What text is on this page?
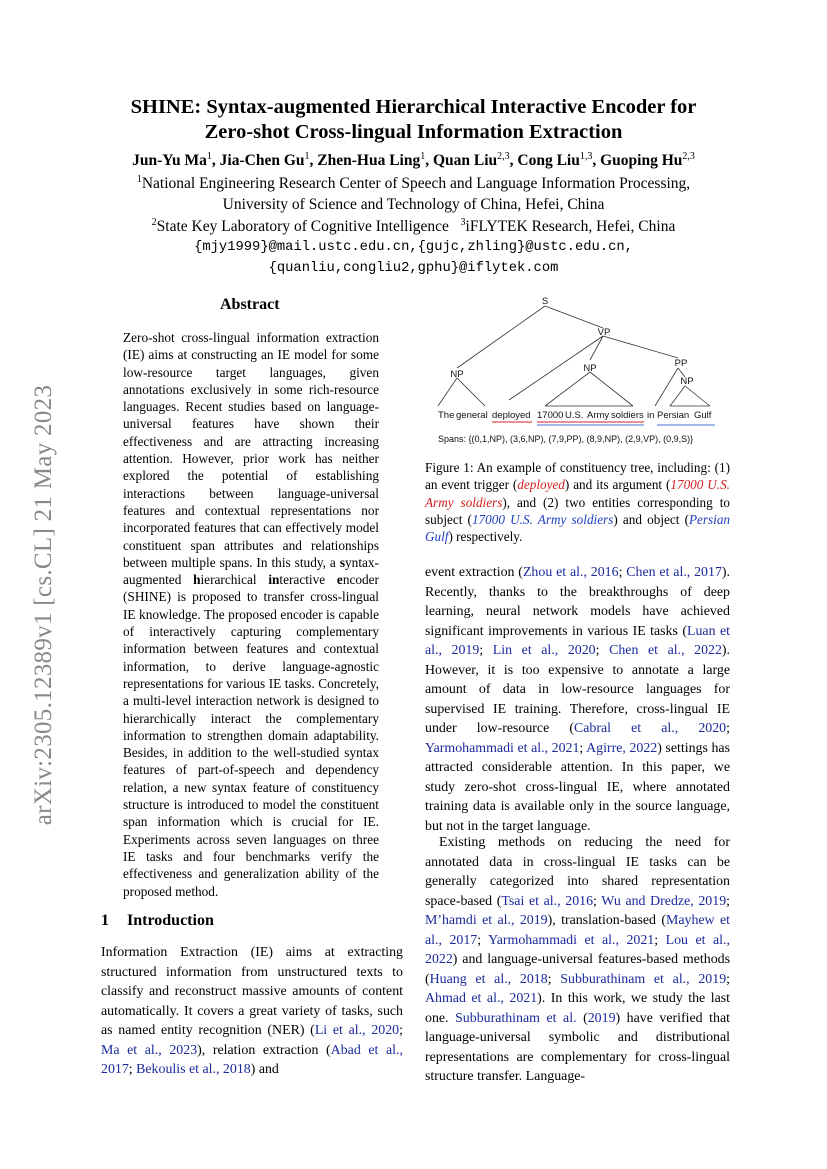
arXiv:2305.12389v1 [cs.CL] 21 May 2023
SHINE: Syntax-augmented Hierarchical Interactive Encoder for
Zero-shot Cross-lingual Information Extraction
Jun-Yu Ma$^1$, Jia-Chen Gu$^1$, Zhen-Hua Ling$^1$, Quan Liu$^{2,3}$, Cong Liu$^{1,3}$, Guoping Hu$^{2,3}$
$^1$National Engineering Research Center of Speech and Language Information Processing,
University of Science and Technology of China, Hefei, China
$^2$State Key Laboratory of Cognitive Intelligence $^3$iFLYTEK Research, Hefei, China
{mjy1999}@mail.ustc.edu.cn,{gujc,zhling}@ustc.edu.cn,
{quanliu,congliu2,gphu}@iflytek.com
Abstract
Zero-shot cross-lingual information extraction (IE) aims at constructing an IE model for some low-resource target languages, given annotations exclusively in some rich-resource languages. Recent studies based on language-universal features have shown their effectiveness and are attracting increasing attention. However, prior work has neither explored the potential of establishing interactions between language-universal features and contextual representations nor incorporated features that can effectively model constituent span attributes and relationships between multiple spans. In this study, a syntax-augmented hierarchical interactive encoder (SHINE) is proposed to transfer cross-lingual IE knowledge. The proposed encoder is capable of interactively capturing complementary information between features and contextual information, to derive language-agnostic representations for various IE tasks. Concretely, a multi-level interaction network is designed to hierarchically interact the complementary information to strengthen domain adaptability. Besides, in addition to the well-studied syntax features of part-of-speech and dependency relation, a new syntax feature of constituency structure is introduced to model the constituent span information which is crucial for IE. Experiments across seven languages on three IE tasks and four benchmarks verify the effectiveness and generalization ability of the proposed method.
1 Introduction
Information Extraction (IE) aims at extracting structured information from unstructured texts to classify and reconstruct massive amounts of content automatically. It covers a great variety of tasks, such as named entity recognition (NER) (Li et al., 2020; Ma et al., 2023), relation extraction (Abad et al., 2017; Bekoulis et al., 2018) and
S
VP
PP
NP
NP
NP
The general deployed 17000 U.S. Army soldiers in Persian Gulf
Spans: {(0,1,NP), (3,6,NP), (7,9,PP), (8,9,NP), (2,9,VP), (0,9,S)}
Figure 1: An example of constituency tree, including: (1) an event trigger (deployed) and its argument (17000 U.S. Army soldiers), and (2) two entities corresponding to subject (17000 U.S. Army soldiers) and object (Persian Gulf) respectively.
event extraction (Zhou et al., 2016; Chen et al., 2017). Recently, thanks to the breakthroughs of deep learning, neural network models have achieved significant improvements in various IE tasks (Luan et al., 2019; Lin et al., 2020; Chen et al., 2022). However, it is too expensive to annotate a large amount of data in low-resource languages for supervised IE training. Therefore, cross-lingual IE under low-resource (Cabral et al., 2020; Yarmohammadi et al., 2021; Agirre, 2022) settings has attracted considerable attention. In this paper, we study zero-shot cross-lingual IE, where annotated training data is available only in the source language, but not in the target language.
Existing methods on reducing the need for annotated data in cross-lingual IE tasks can be generally categorized into shared representation space-based (Tsai et al., 2016; Wu and Dredze, 2019; M’hamdi et al., 2019), translation-based (Mayhew et al., 2017; Yarmohammadi et al., 2021; Lou et al., 2022) and language-universal features-based methods (Huang et al., 2018; Subburathinam et al., 2019; Ahmad et al., 2021). In this work, we study the last one. Subburathinam et al. (2019) have verified that language-universal symbolic and distributional representations are complementary for cross-lingual structure transfer. Language-
